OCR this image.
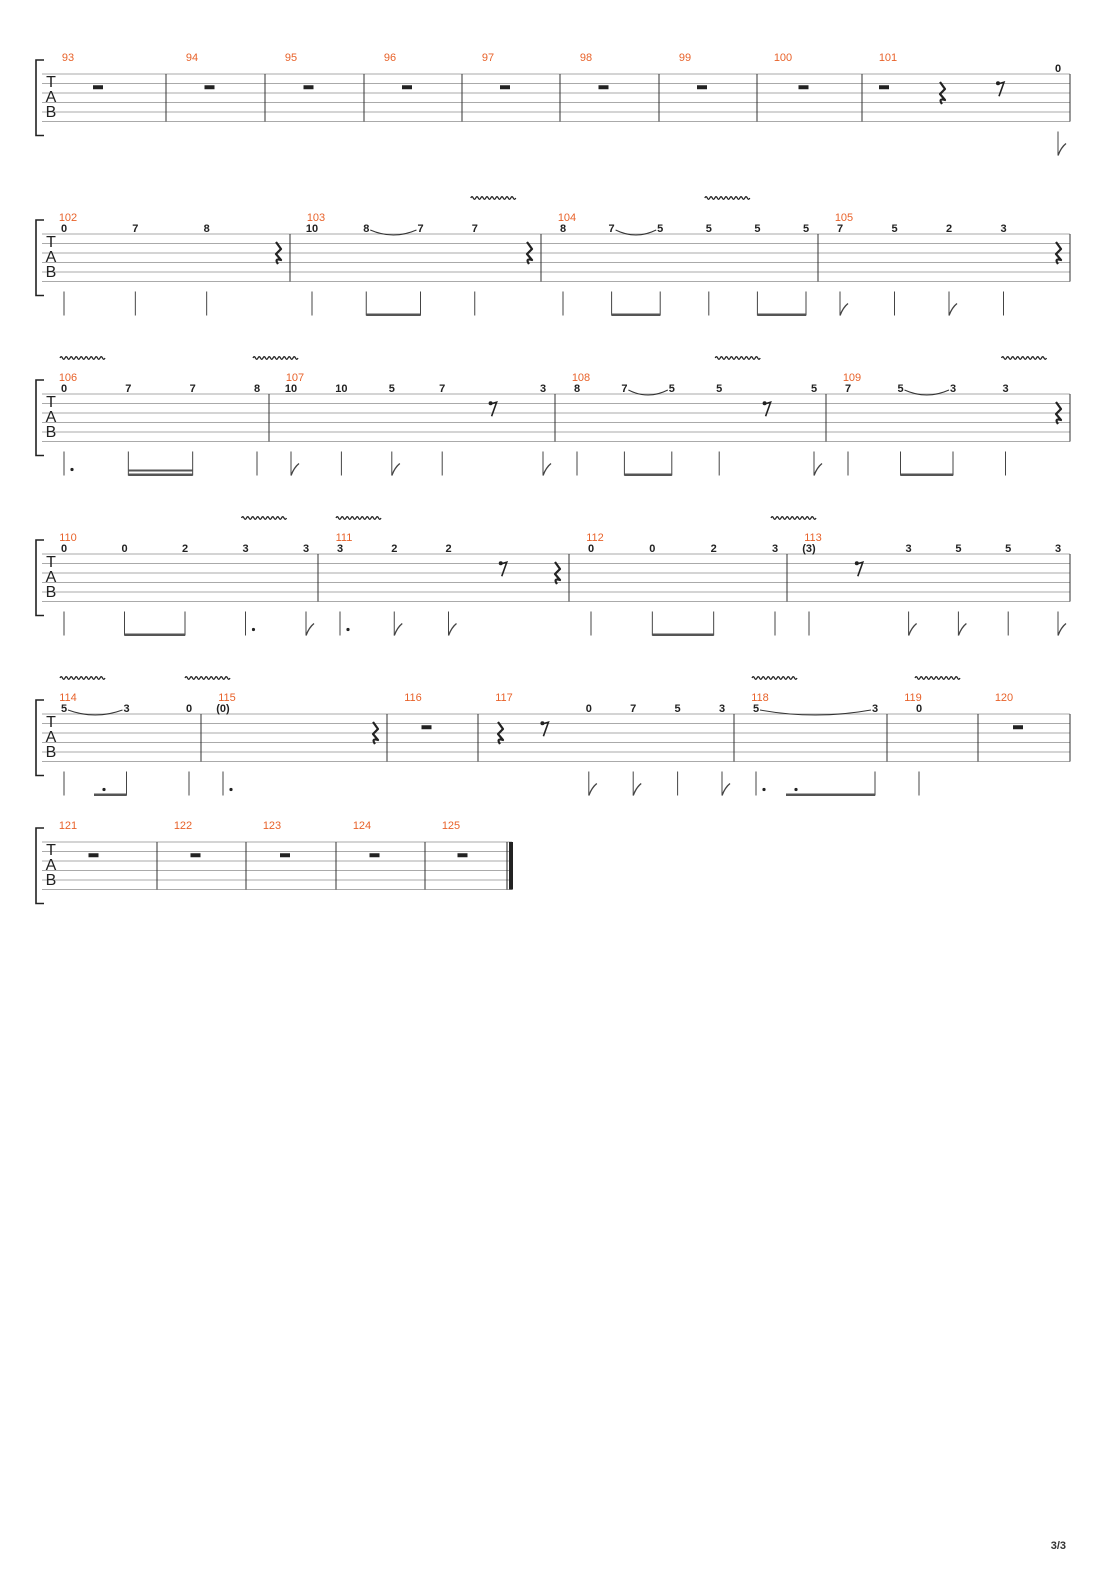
T
A
B
93	94	95	96	97	98	99	100	101
0
T
A
B
102
0	7	8
103
10	8	7	7
104
8	7	5	5	5	5
105
7	5	2	3
T
A
B
106
0	7	7	8
107
10	10	5	7	3
108
8	7	5	5	5
109
7	5	3	3
T
A
B
110
0	0	2	3	3
111
3	2	2
112
0	0	2	3
113
(3)	3	5	5	3
T
A
B
114
5	3	0
115
(0)
116	117
0	7	5	3
118
5	3
119
0
120
T
A
B
121	122	123	124	125
3/3
